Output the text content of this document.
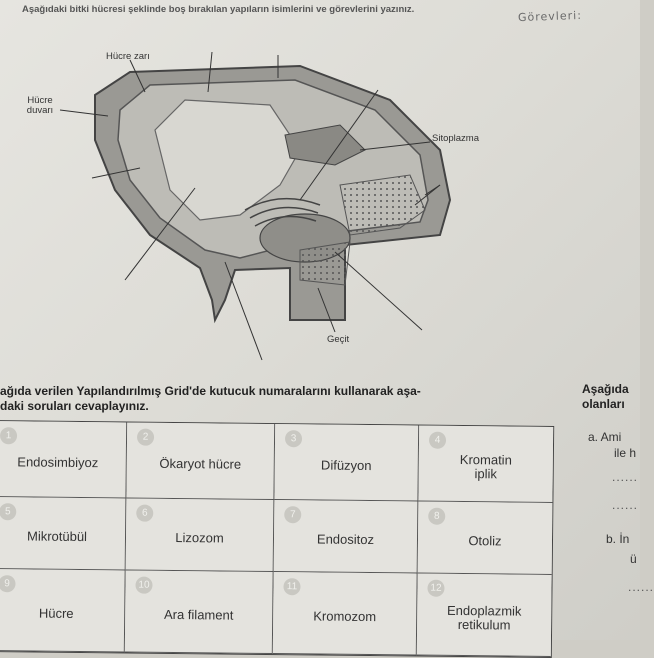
Aşağıdaki bitki hücresi şeklinde boş bırakılan yapıların isimlerini ve görevlerini yazınız.	Görevleri:
Hücre zarı
Hücre duvarı
Sitoplazma
Geçit
ağıda verilen Yapılandırılmış Grid'de kutucuk numaralarını kullanarak aşa-
daki soruları cevaplayınız.
1
Endosimbiyoz
2
Ökaryot hücre
3
Difüzyon
4
Kromatin iplik
5
Mikrotübül
6
Lizozom
7
Endositoz
8
Otoliz
9
Hücre
10
Ara filament
11
Kromozom
12
Endoplazmik retikulum
Aşağıda
olanları
a. Ami
ile h
......
......
b. İn
ü
......
